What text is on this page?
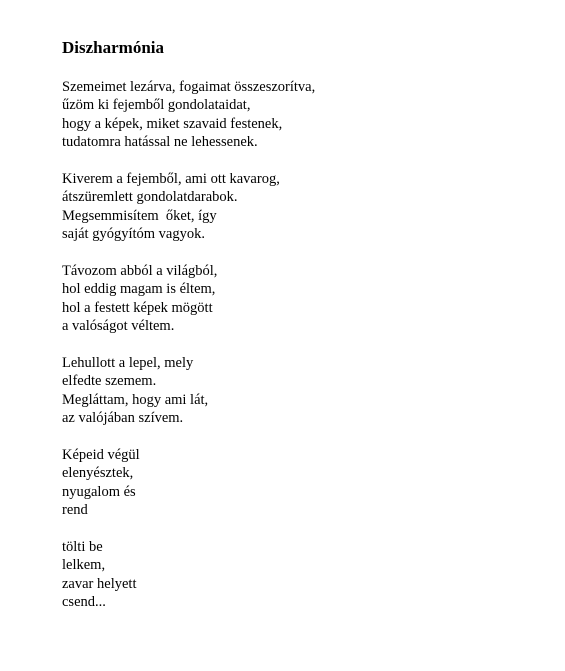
Diszharmónia
Szemeimet lezárva, fogaimat összeszorítva,
űzöm ki fejemből gondolataidat,
hogy a képek, miket szavaid festenek,
tudatomra hatással ne lehessenek.
Kiverem a fejemből, ami ott kavarog,
átszüremlett gondolatdarabok.
Megsemmisítem  őket, így
saját gyógyítóm vagyok.
Távozom abból a világból,
hol eddig magam is éltem,
hol a festett képek mögött
a valóságot véltem.
Lehullott a lepel, mely
elfedte szemem.
Megláttam, hogy ami lát,
az valójában szívem.
Képeid végül
elenyésztek,
nyugalom és
rend
tölti be
lelkem,
zavar helyett
csend...
